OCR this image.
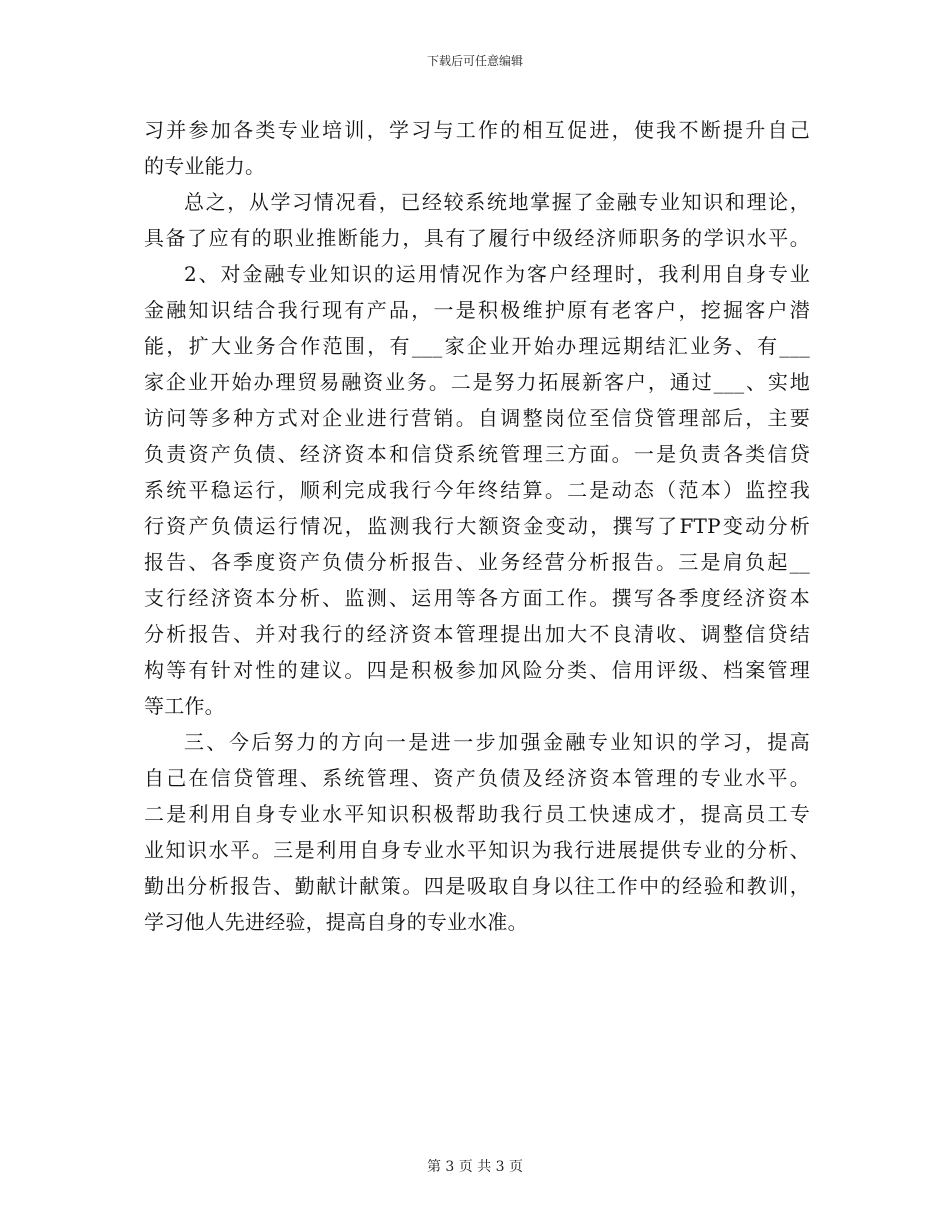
下载后可任意编辑
习并参加各类专业培训，学习与工作的相互促进，使我不断提升自己
的专业能力。
总之，从学习情况看，已经较系统地掌握了金融专业知识和理论，
具备了应有的职业推断能力，具有了履行中级经济师职务的学识水平。
2、对金融专业知识的运用情况作为客户经理时，我利用自身专业
金融知识结合我行现有产品，一是积极维护原有老客户，挖掘客户潜
能，扩大业务合作范围，有___家企业开始办理远期结汇业务、有___
家企业开始办理贸易融资业务。二是努力拓展新客户，通过___、实地
访问等多种方式对企业进行营销。自调整岗位至信贷管理部后，主要
负责资产负债、经济资本和信贷系统管理三方面。一是负责各类信贷
系统平稳运行，顺利完成我行今年终结算。二是动态（范本）监控我
行资产负债运行情况，监测我行大额资金变动，撰写了FTP变动分析
报告、各季度资产负债分析报告、业务经营分析报告。三是肩负起__
支行经济资本分析、监测、运用等各方面工作。撰写各季度经济资本
分析报告、并对我行的经济资本管理提出加大不良清收、调整信贷结
构等有针对性的建议。四是积极参加风险分类、信用评级、档案管理
等工作。
三、今后努力的方向一是进一步加强金融专业知识的学习，提高
自己在信贷管理、系统管理、资产负债及经济资本管理的专业水平。
二是利用自身专业水平知识积极帮助我行员工快速成才，提高员工专
业知识水平。三是利用自身专业水平知识为我行进展提供专业的分析、
勤出分析报告、勤献计献策。四是吸取自身以往工作中的经验和教训，
学习他人先进经验，提高自身的专业水准。
第 3 页 共 3 页
